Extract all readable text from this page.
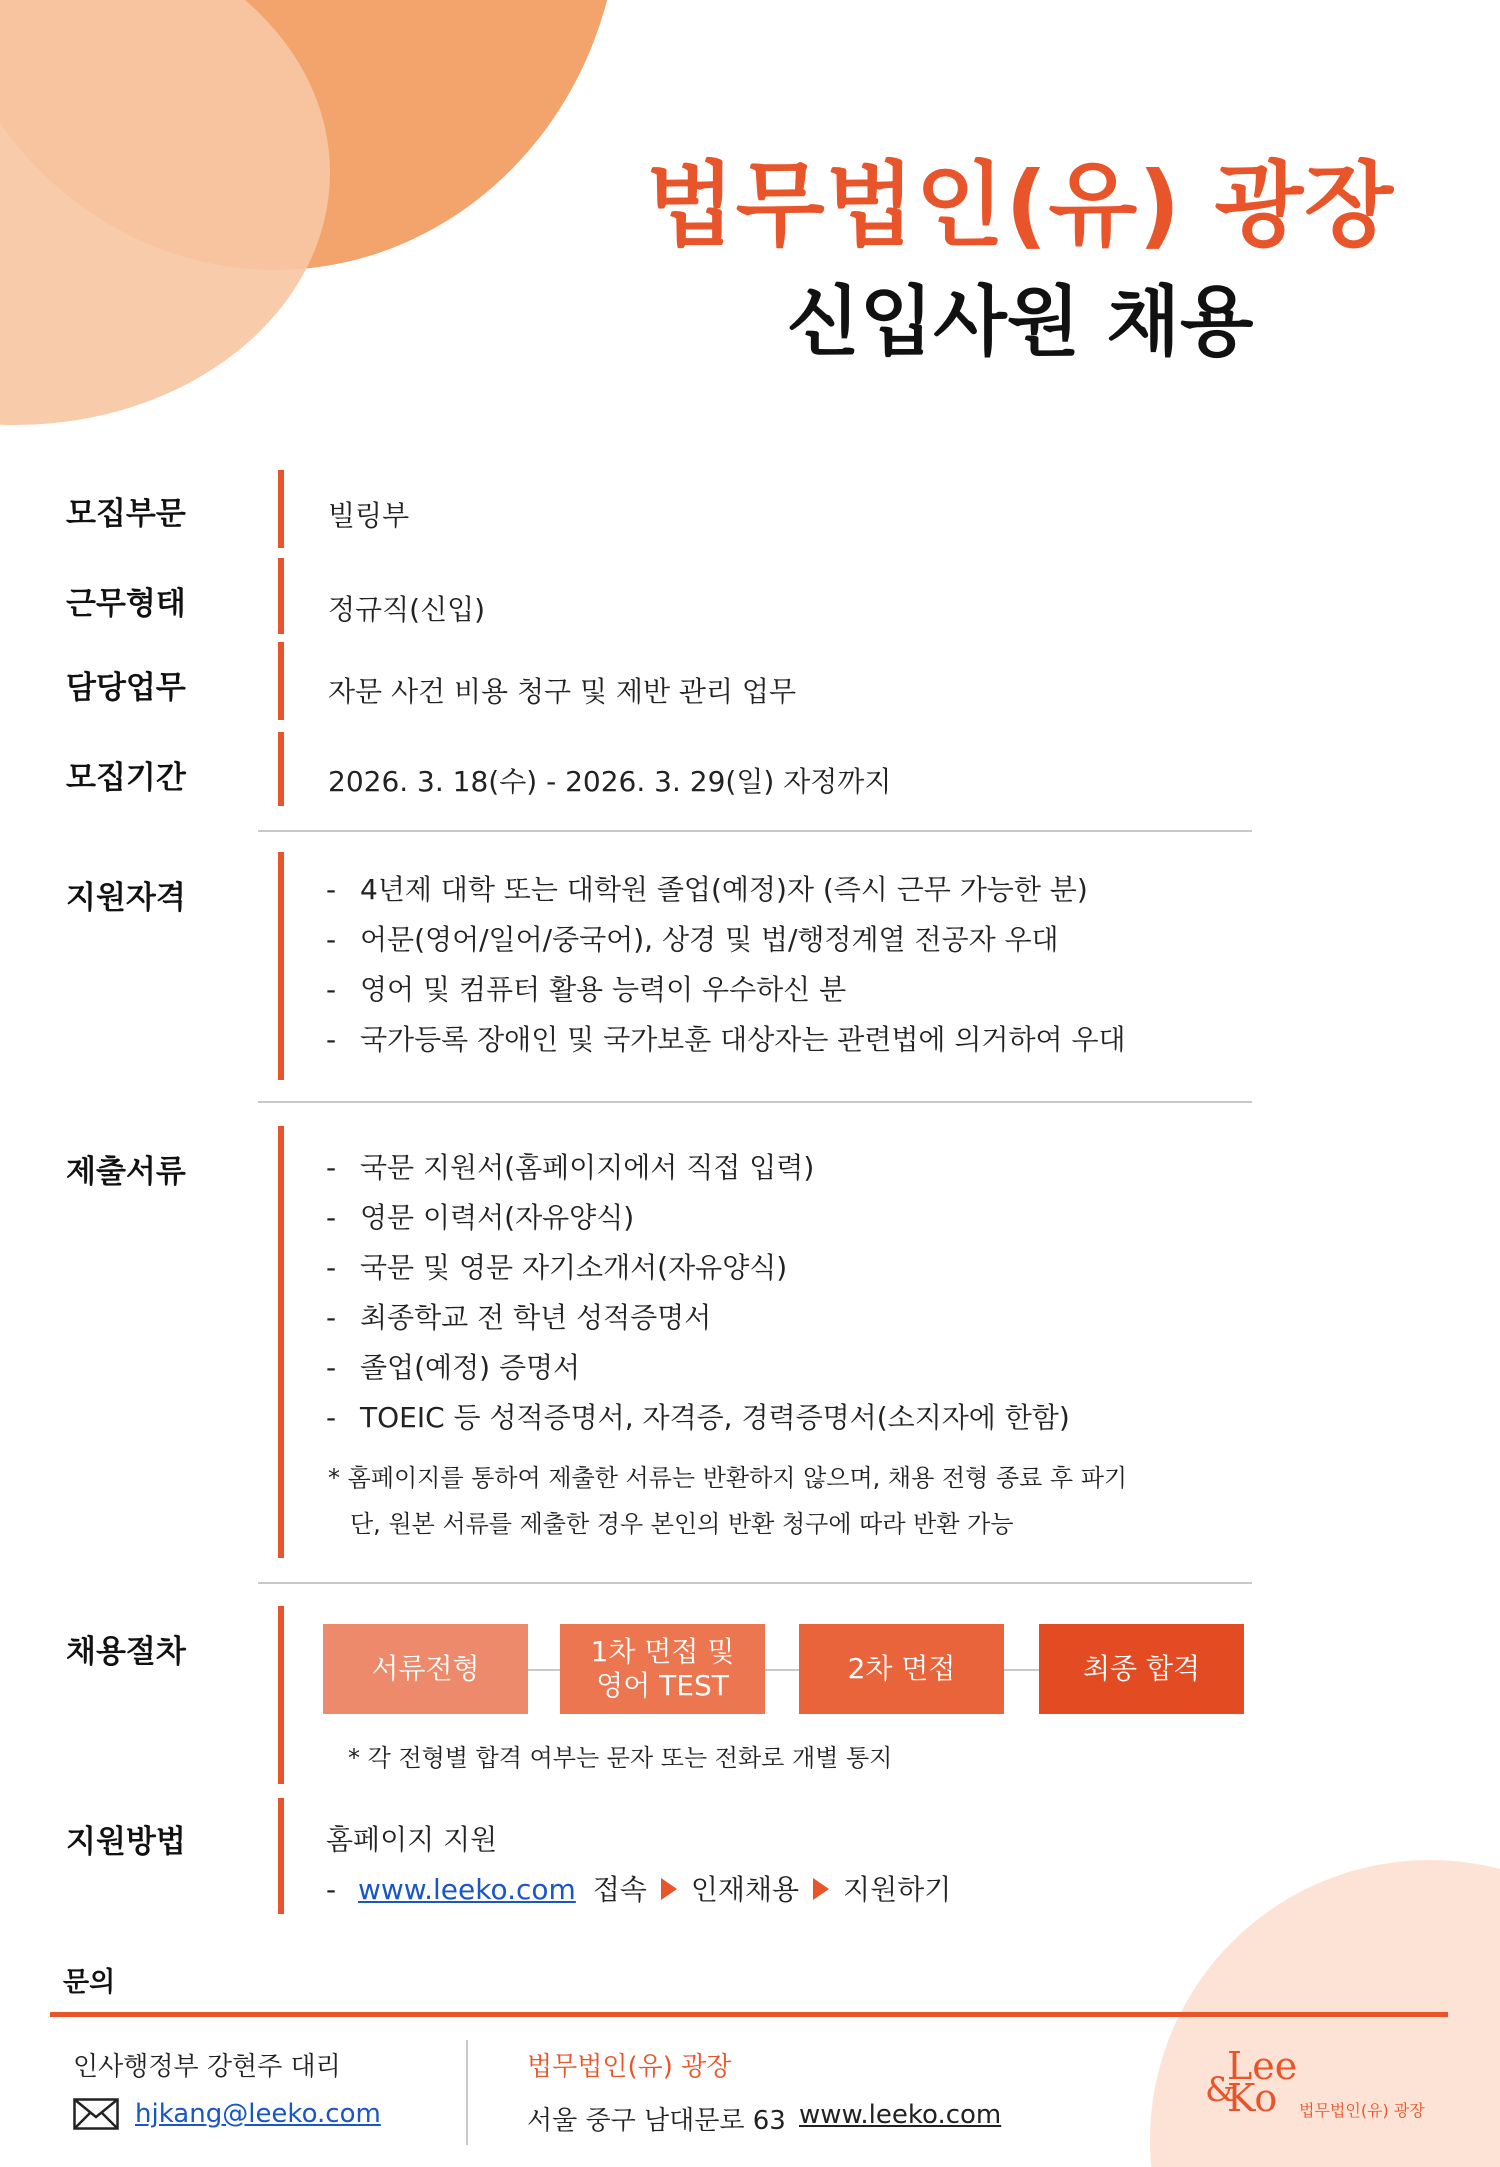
법무법인(유) 광장
신입사원 채용
모집부문	빌링부
근무형태	정규직(신입)
담당업무	자문 사건 비용 청구 및 제반 관리 업무
모집기간	2026. 3. 18(수) - 2026. 3. 29(일) 자정까지
지원자격	- 4년제 대학 또는 대학원 졸업(예정)자 (즉시 근무 가능한 분)
- 어문(영어/일어/중국어), 상경 및 법/행정계열 전공자 우대
- 영어 및 컴퓨터 활용 능력이 우수하신 분
- 국가등록 장애인 및 국가보훈 대상자는 관련법에 의거하여 우대
제출서류	- 국문 지원서(홈페이지에서 직접 입력)
- 영문 이력서(자유양식)
- 국문 및 영문 자기소개서(자유양식)
- 최종학교 전 학년 성적증명서
- 졸업(예정) 증명서
- TOEIC 등 성적증명서, 자격증, 경력증명서(소지자에 한함)
* 홈페이지를 통하여 제출한 서류는 반환하지 않으며, 채용 전형 종료 후 파기
단, 원본 서류를 제출한 경우 본인의 반환 청구에 따라 반환 가능
채용절차	서류전형
1차 면접 및
영어 TEST
2차 면접	최종 합격
* 각 전형별 합격 여부는 문자 또는 전화로 개별 통지
지원방법	홈페이지 지원
- www.leeko.com 접속 인재채용 지원하기
문의
인사행정부 강현주 대리
hjkang@leeko.com
법무법인(유) 광장
서울 중구 남대문로 63 www.leeko.com
Lee
&
Ko 법무법인(유) 광장
